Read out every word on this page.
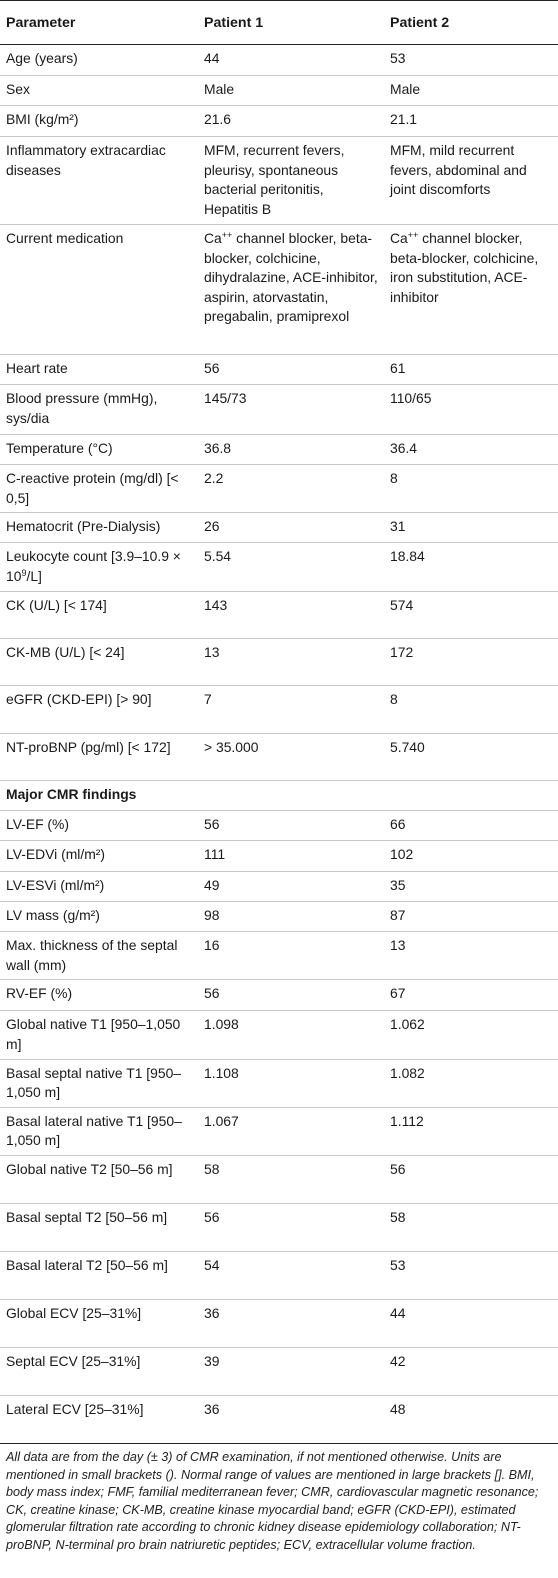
Parameter	Patient 1	Patient 2
Age (years)	44	53
Sex	Male	Male
BMI (kg/m²)	21.6	21.1
Inflammatory extracardiac diseases	MFM, recurrent fevers, pleurisy, spontaneous bacterial peritonitis, Hepatitis B	MFM, mild recurrent fevers, abdominal and joint discomforts
Current medication	Ca++ channel blocker, beta-blocker, colchicine, dihydralazine, ACE-inhibitor, aspirin, atorvastatin, pregabalin, pramiprexol	Ca++ channel blocker, beta-blocker, colchicine, iron substitution, ACE-inhibitor
Heart rate	56	61
Blood pressure (mmHg), sys/dia	145/73	110/65
Temperature (°C)	36.8	36.4
C-reactive protein (mg/dl) [< 0,5]	2.2	8
Hematocrit (Pre-Dialysis)	26	31
Leukocyte count $[3.9-10.9 \times 10^9/L]$	5.54	18.84
CK (U/L) [< 174]	143	574
CK-MB (U/L) [< 24]	13	172
eGFR (CKD-EPI) [> 90]	7	8
NT-proBNP (pg/ml) [< 172]	> 35.000	5.740
Major CMR findings		
LV-EF (%)	56	66
LV-EDVi (ml/m²)	111	102
LV-ESVi (ml/m²)	49	35
LV mass (g/m²)	98	87
Max. thickness of the septal wall (mm)	16	13
RV-EF (%)	56	67
Global native T1 [950–1,050 m]	1.098	1.062
Basal septal native T1 [950–1,050 m]	1.108	1.082
Basal lateral native T1 [950–1,050 m]	1.067	1.112
Global native T2 [50–56 m]	58	56
Basal septal T2 [50–56 m]	56	58
Basal lateral T2 [50–56 m]	54	53
Global ECV [25–31%]	36	44
Septal ECV [25–31%]	39	42
Lateral ECV [25–31%]	36	48
All data are from the day (± 3) of CMR examination, if not mentioned otherwise. Units are mentioned in small brackets (). Normal range of values are mentioned in large brackets []. BMI, body mass index; FMF, familial mediterranean fever; CMR, cardiovascular magnetic resonance; CK, creatine kinase; CK-MB, creatine kinase myocardial band; eGFR (CKD-EPI), estimated glomerular filtration rate according to chronic kidney disease epidemiology collaboration; NT-proBNP, N-terminal pro brain natriuretic peptides; ECV, extracellular volume fraction.
